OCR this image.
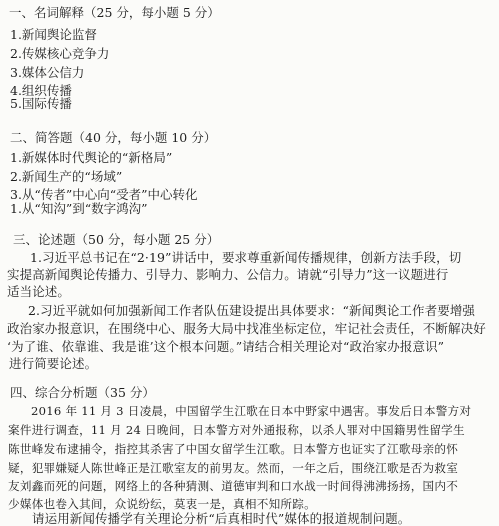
一、名词解释（25 分，每小题 5 分）
1.新闻舆论监督
2.传媒核心竞争力
3.媒体公信力
4.组织传播
5.国际传播
二、简答题（40 分，每小题 10 分）
1.新媒体时代舆论的“新格局”
2.新闻生产的“场域”
3.从“传者”中心向“受者”中心转化
1.从“知沟”到“数字鸿沟”
三、论述题（50 分，每小题 25 分）
1.习近平总书记在“2·19”讲话中，要求尊重新闻传播规律，创新方法手段，切
实提高新闻舆论传播力、引导力、影响力、公信力。请就“引导力”这一议题进行
适当论述。
2.习近平就如何加强新闻工作者队伍建设提出具体要求：“新闻舆论工作者要增强
政治家办报意识，在围绕中心、服务大局中找准坐标定位，牢记社会责任，不断解决好
‘为了谁、依靠谁、我是谁’这个根本问题。”请结合相关理论对“政治家办报意识”
进行简要论述。
四、综合分析题（35 分）
2016 年 11 月 3 日凌晨，中国留学生江歌在日本中野家中遇害。事发后日本警方对
案件进行调查，11 月 24 日晚间，日本警方对外通报称，以杀人罪对中国籍男性留学生
陈世峰发布逮捕令，指控其杀害了中国女留学生江歌。日本警方也证实了江歌母亲的怀
疑，犯罪嫌疑人陈世峰正是江歌室友的前男友。然而，一年之后，围绕江歌是否为救室
友刘鑫而死的问题，网络上的各种猜测、道德审判和口水战一时间得沸沸扬扬，国内不
少媒体也卷入其间，众说纷纭，莫衷一是，真相不知所踪。
请运用新闻传播学有关理论分析“后真相时代”媒体的报道规制问题。
